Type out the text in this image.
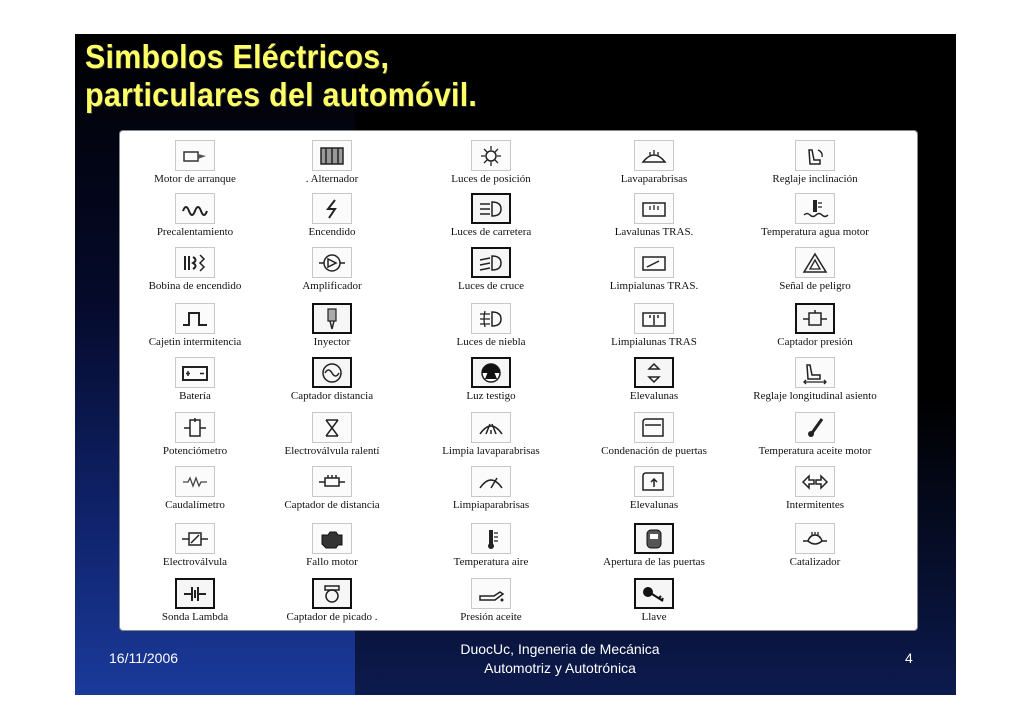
Simbolos Eléctricos,
particulares del automóvil.
Motor de arranque
Precalentamiento
Bobina de encendido
Cajetin intermitencia
Batería
Potenciómetro
Caudalímetro
Electroválvula
Sonda Lambda
. Alternador
Encendido
Amplificador
Inyector
Captador distancia
Electroválvula ralentí
Captador de distancia
Fallo motor
Captador de picado .
Luces de posición
Luces de carretera
Luces de cruce
Luces de niebla
Luz testigo
Limpia lavaparabrisas
Limpiaparabrisas
Temperatura aire
Presión aceite
Lavaparabrisas
Lavalunas TRAS.
Limpialunas TRAS.
Limpialunas TRAS
Elevalunas
Condenación de puertas
Elevalunas
Apertura de las puertas
Llave
Reglaje inclinación
Temperatura agua motor
Señal de peligro
Captador presión
Reglaje longitudinal asiento
Temperatura aceite motor
Intermitentes
Catalizador
16/11/2006
DuocUc, Ingeneria de Mecánica
Automotriz y Autotrónica
4
